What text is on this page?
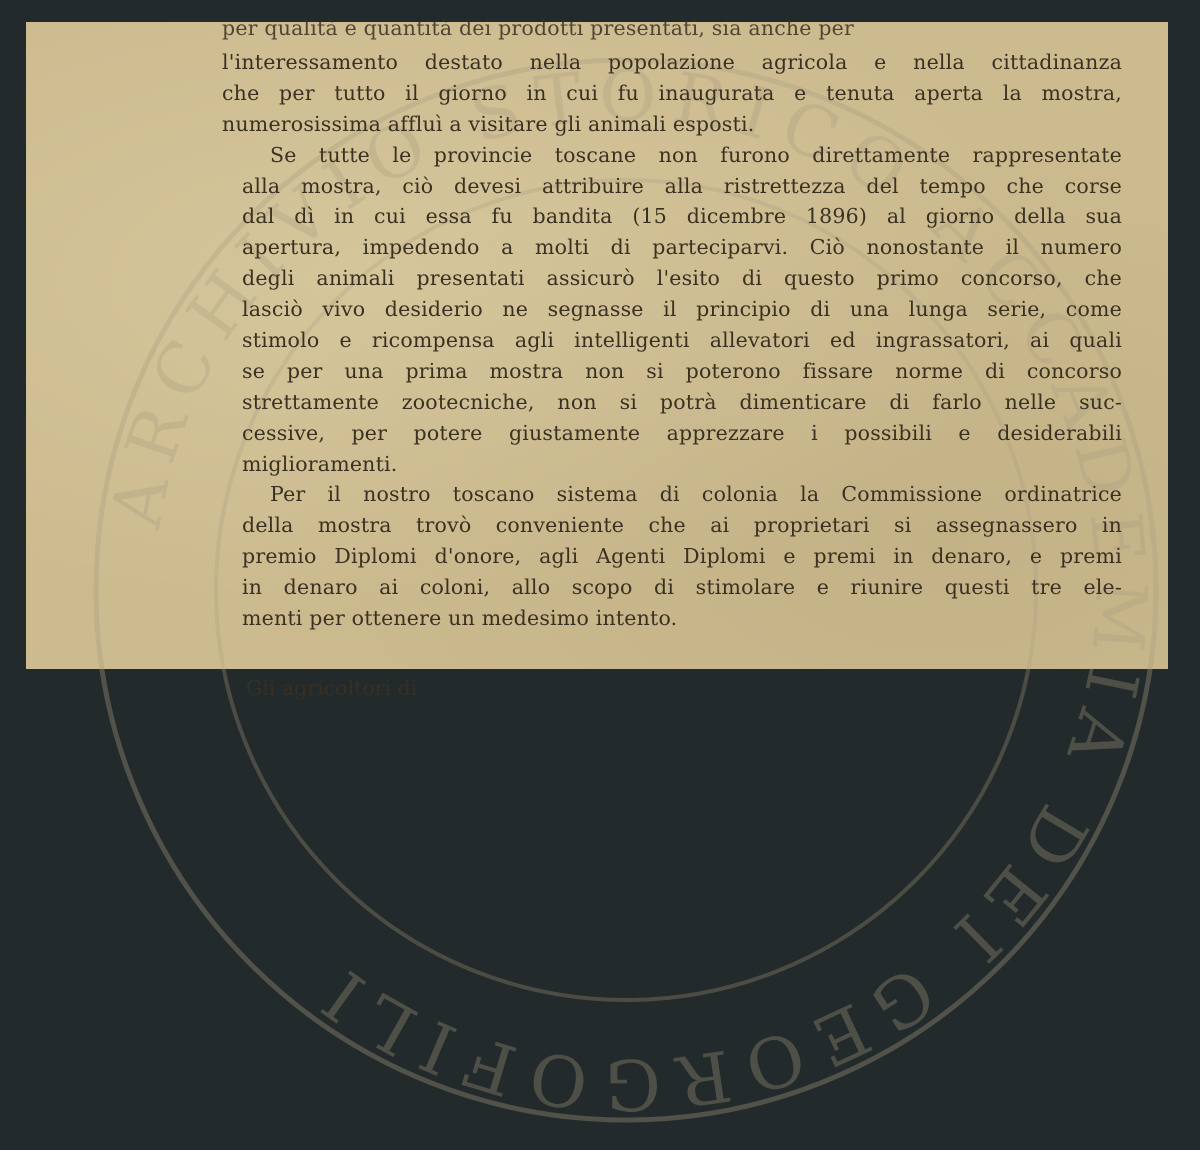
ARCHIVIO STORICO ACCADEMIA DEI GEORGOFILI
per qualità e quantità dei prodotti presentati, sia anche per
l'interessamento destato nella popolazione agricola e nella cittadinanza
che per tutto il giorno in cui fu inaugurata e tenuta aperta la mostra,
numerosissima affluì a visitare gli animali esposti.
Se tutte le provincie toscane non furono direttamente rappresentate
alla mostra, ciò devesi attribuire alla ristrettezza del tempo che corse
dal dì in cui essa fu bandita (15 dicembre 1896) al giorno della sua
apertura, impedendo a molti di parteciparvi. Ciò nonostante il numero
degli animali presentati assicurò l'esito di questo primo concorso, che
lasciò vivo desiderio ne segnasse il principio di una lunga serie, come
stimolo e ricompensa agli intelligenti allevatori ed ingrassatori, ai quali
se per una prima mostra non si poterono fissare norme di concorso
strettamente zootecniche, non si potrà dimenticare di farlo nelle suc-
cessive, per potere giustamente apprezzare i possibili e desiderabili
miglioramenti.
Per il nostro toscano sistema di colonia la Commissione ordinatrice
della mostra trovò conveniente che ai proprietari si assegnassero in
premio Diplomi d'onore, agli Agenti Diplomi e premi in denaro, e premi
in denaro ai coloni, allo scopo di stimolare e riunire questi tre ele-
menti per ottenere un medesimo intento.
Gli agricoltori di
